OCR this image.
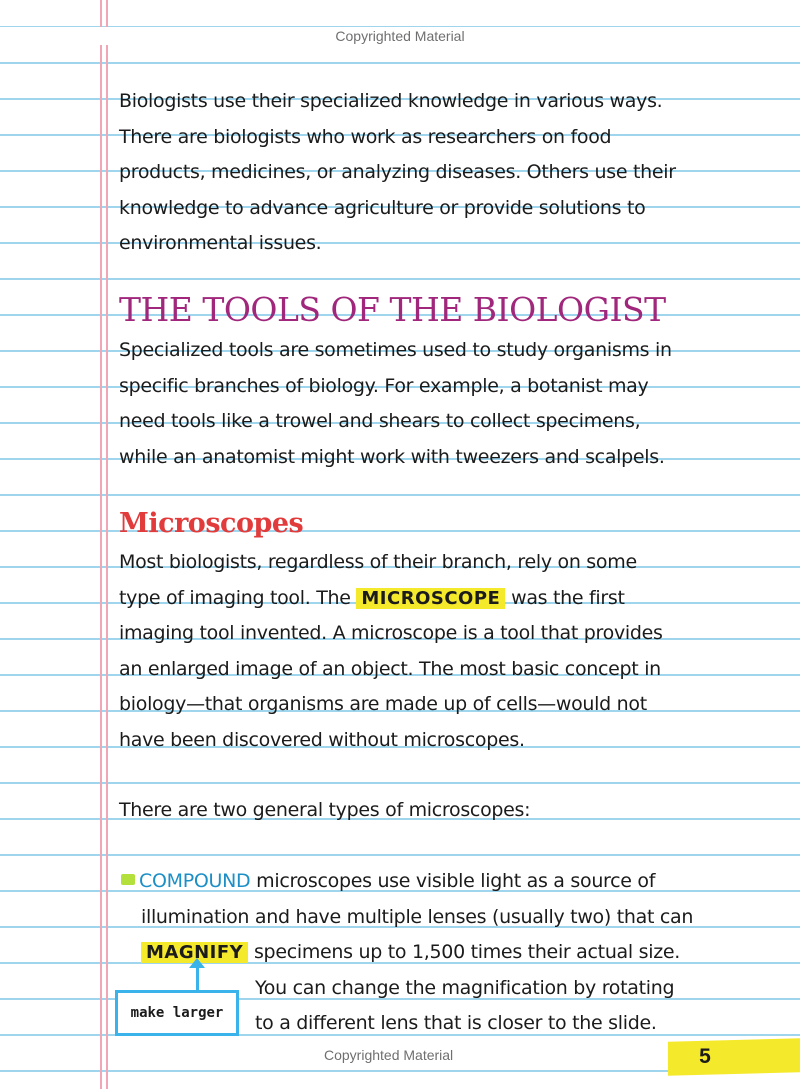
Copyrighted Material
Biologists use their specialized knowledge in various ways.
There are biologists who work as researchers on food
products, medicines, or analyzing diseases. Others use their
knowledge to advance agriculture or provide solutions to
environmental issues.
THE TOOLS OF THE BIOLOGIST
Specialized tools are sometimes used to study organisms in
specific branches of biology. For example, a botanist may
need tools like a trowel and shears to collect specimens,
while an anatomist might work with tweezers and scalpels.
Microscopes
Most biologists, regardless of their branch, rely on some
type of imaging tool. The MICROSCOPE was the first
imaging tool invented. A microscope is a tool that provides
an enlarged image of an object. The most basic concept in
biology—that organisms are made up of cells—would not
have been discovered without microscopes.
There are two general types of microscopes:
COMPOUND microscopes use visible light as a source of
illumination and have multiple lenses (usually two) that can
MAGNIFY specimens up to 1,500 times their actual size.
You can change the magnification by rotating
to a different lens that is closer to the slide.
make larger
Copyrighted Material	5
